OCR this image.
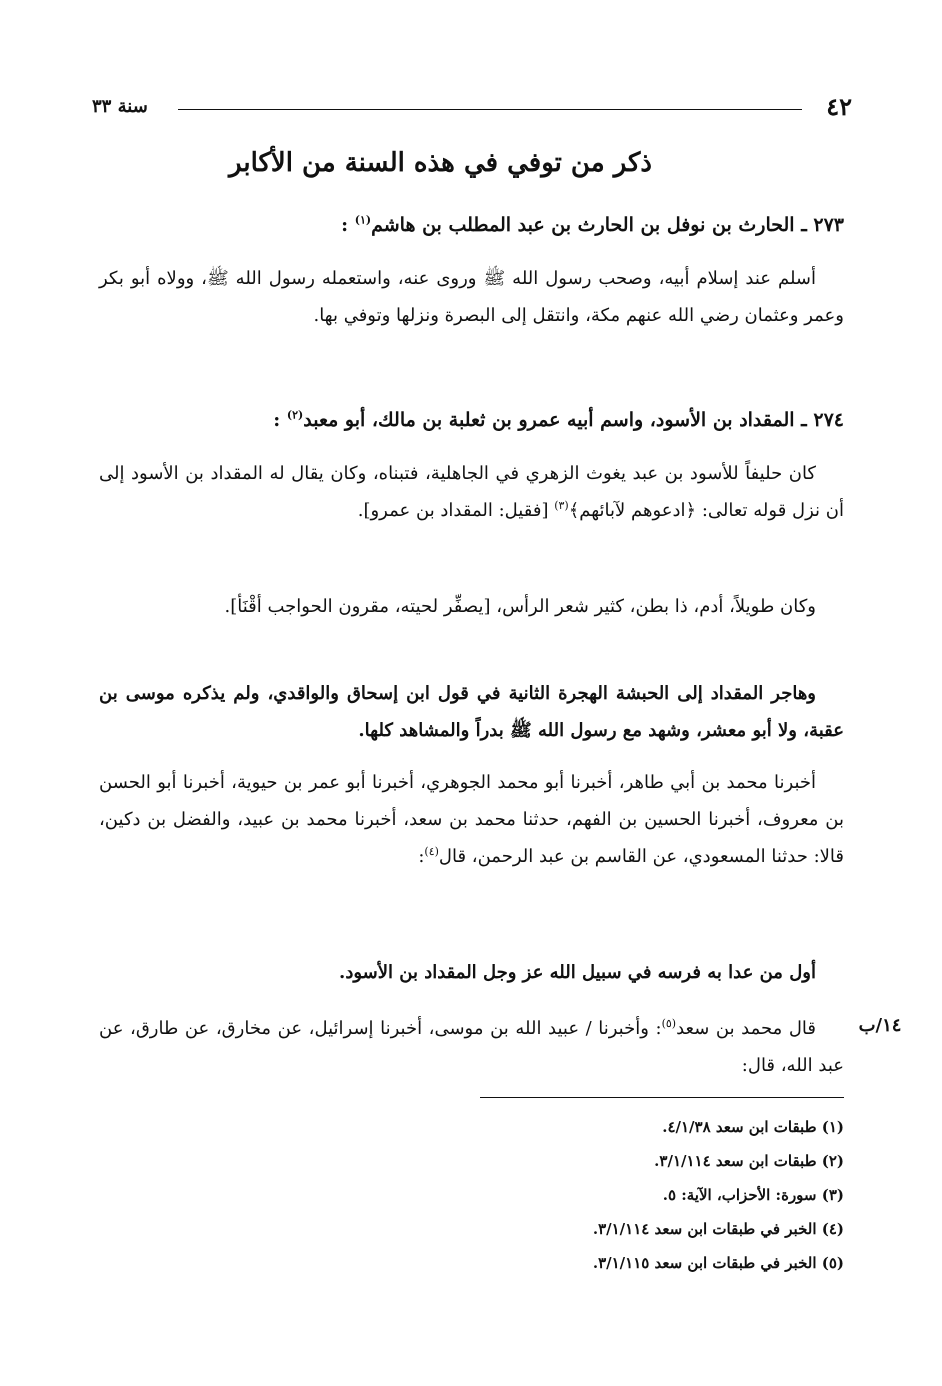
٤٢
سنة ٣٣
ذكر من توفي في هذه السنة من الأكابر
٢٧٣ ـ الحارث بن نوفل بن الحارث بن عبد المطلب بن هاشم$^{(١)}$ :
أسلم عند إسلام أبيه، وصحب رسول الله ﷺ وروى عنه، واستعمله رسول الله ﷺ، وولاه أبو بكر وعمر وعثمان رضي الله عنهم مكة، وانتقل إلى البصرة ونزلها وتوفي بها.
٢٧٤ ـ المقداد بن الأسود، واسم أبيه عمرو بن ثعلبة بن مالك، أبو معبد$^{(٢)}$ :
كان حليفاً للأسود بن عبد يغوث الزهري في الجاهلية، فتبناه، وكان يقال له المقداد بن الأسود إلى أن نزل قوله تعالى: ﴿ادعوهم لآبائهم﴾$^{(٣)}$ [فقيل: المقداد بن عمرو].
وكان طويلاً، أدم، ذا بطن، كثير شعر الرأس، [يصفِّر لحيته، مقرون الحواجب أقْنَأ].
وهاجر المقداد إلى الحبشة الهجرة الثانية في قول ابن إسحاق والواقدي، ولم يذكره موسى بن عقبة، ولا أبو معشر، وشهد مع رسول الله ﷺ بدراً والمشاهد كلها.
أخبرنا محمد بن أبي طاهر، أخبرنا أبو محمد الجوهري، أخبرنا أبو عمر بن حيوية، أخبرنا أبو الحسن بن معروف، أخبرنا الحسين بن الفهم، حدثنا محمد بن سعد، أخبرنا محمد بن عبيد، والفضل بن دكين، قالا: حدثنا المسعودي، عن القاسم بن عبد الرحمن، قال$^{(٤)}$:
أول من عدا به فرسه في سبيل الله عز وجل المقداد بن الأسود.
١٤/ب
قال محمد بن سعد$^{(٥)}$: وأخبرنا / عبيد الله بن موسى، أخبرنا إسرائيل، عن مخارق، عن طارق، عن عبد الله، قال:
(١) طبقات ابن سعد ٤/١/٣٨.
(٢) طبقات ابن سعد ٣/١/١١٤.
(٣) سورة: الأحزاب، الآية: ٥.
(٤) الخبر في طبقات ابن سعد ٣/١/١١٤.
(٥) الخبر في طبقات ابن سعد ٣/١/١١٥.
